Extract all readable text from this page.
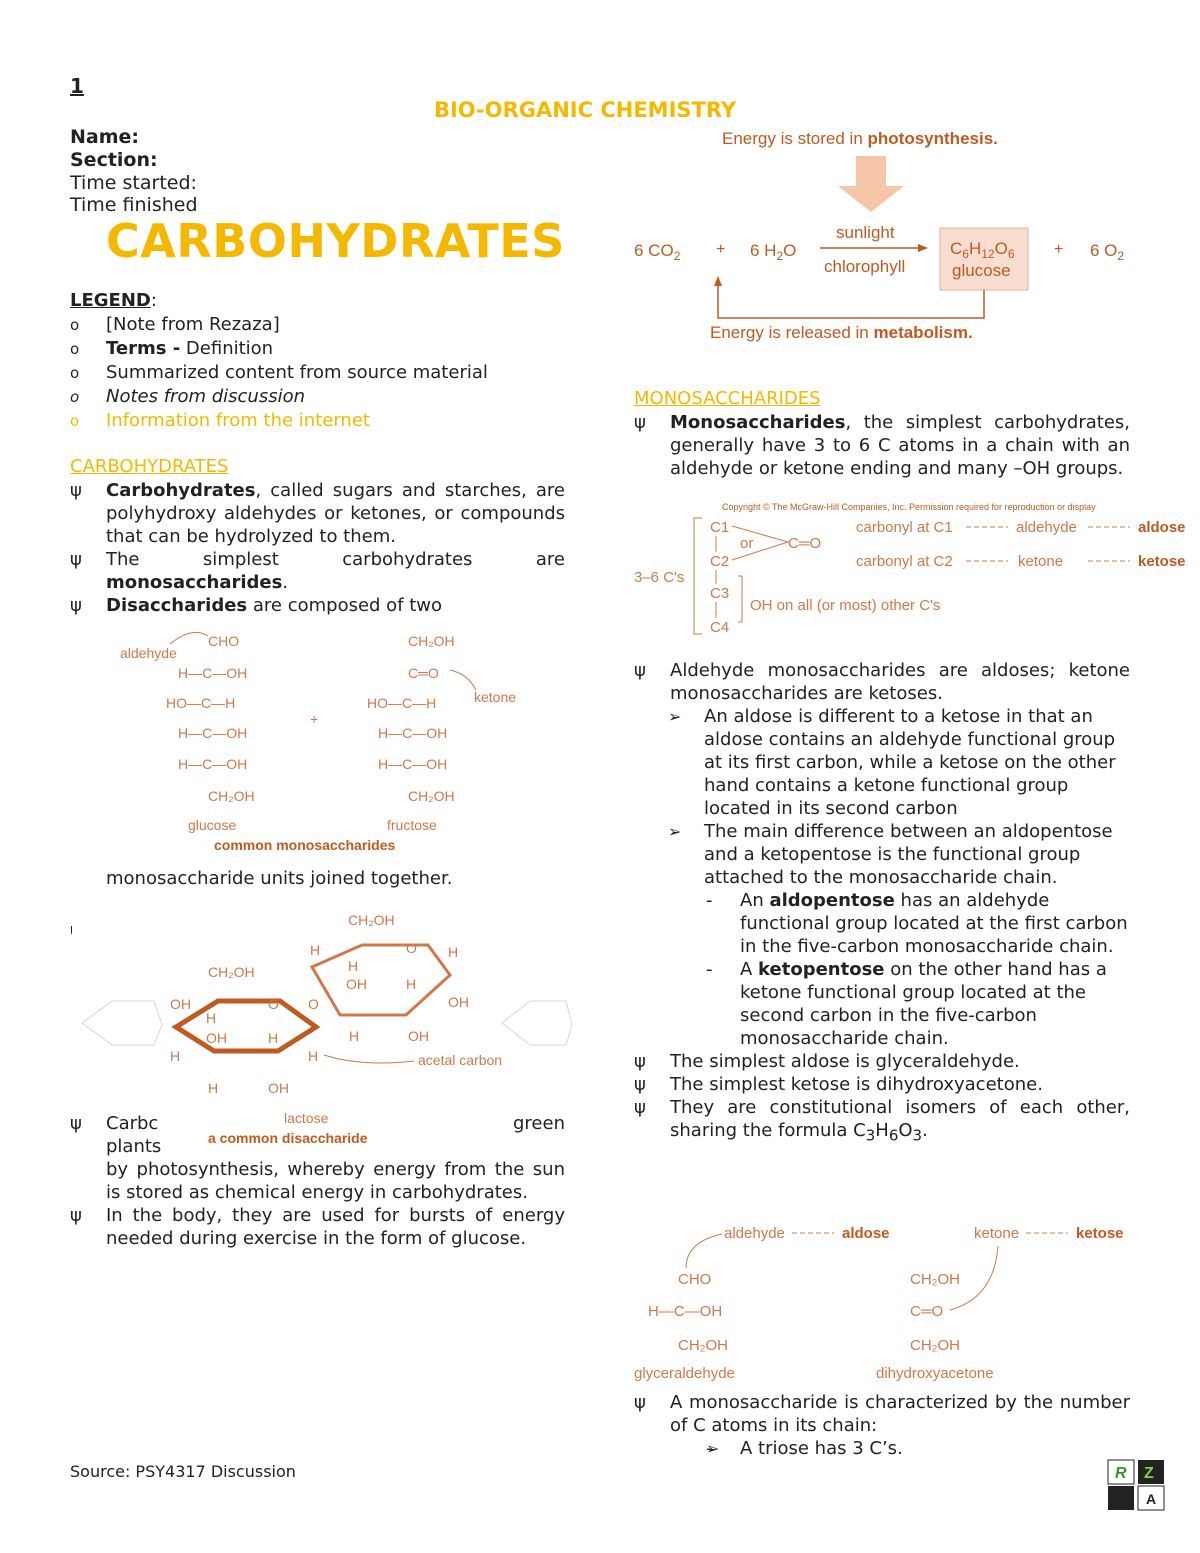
1
BIO-ORGANIC CHEMISTRY
Name:
Section:
Time started:
Time finished
CARBOHYDRATES
LEGEND:
o [Note from Rezaza]
o Terms - Definition
o Summarized content from source material
o Notes from discussion
o Information from the internet
CARBOHYDRATES
ψ Carbohydrates, called sugars and starches, are polyhydroxy aldehydes or ketones, or compounds that can be hydrolyzed to them.
ψ The simplest carbohydrates are monosaccharides.
ψ Disaccharides are composed of two
aldehyde
CHO
H—C—OH
HO—C—H
H—C—OH
H—C—OH
CH₂OH
glucose
+
CH₂OH
C═O
HO—C—H
H—C—OH
H—C—OH
CH₂OH
ketone
fructose
common monosaccharides
monosaccharide units joined together.
ψ
CH₂OH
H	O H
H
OH	H
OH
H	OH
CH₂OH
OH	O O
H
OH	H
H	H
H	OH
acetal carbon
lactose
a common disaccharide
ψ Carbc	green
plants
by photosynthesis, whereby energy from the sun is stored as chemical energy in carbohydrates.
ψ In the body, they are used for bursts of energy needed during exercise in the form of glucose.
Energy is stored in photosynthesis.
6 $CO_2 + 6$ $H_2O$
sunlight
chlorophyll
$C_6H_{12}O_6$
glucose
+ 6 $O_2$
Energy is released in metabolism.
MONOSACCHARIDES
ψ Monosaccharides, the simplest carbohydrates, generally have 3 to 6 C atoms in a chain with an aldehyde or ketone ending and many –OH groups.
Copyright © The McGraw-Hill Companies, Inc. Permission required for reproduction or display
C1
C2
C3
C4
3–6 C's
or C═O
OH on all (or most) other C's
carbonyl at C1	aldehyde	aldose
carbonyl at C2	ketone	ketose
ψ Aldehyde monosaccharides are aldoses; ketone monosaccharides are ketoses.
➢ An aldose is different to a ketose in that an aldose contains an aldehyde functional group at its first carbon, while a ketose on the other hand contains a ketone functional group located in its second carbon
➢ The main difference between an aldopentose and a ketopentose is the functional group attached to the monosaccharide chain.
- An aldopentose has an aldehyde functional group located at the first carbon in the five-carbon monosaccharide chain.
- A ketopentose on the other hand has a ketone functional group located at the second carbon in the five-carbon monosaccharide chain.
ψ The simplest aldose is glyceraldehyde.
ψ The simplest ketose is dihydroxyacetone.
ψ They are constitutional isomers of each other, sharing the formula $C_3H_6O_3$.
aldehyde	aldose
CHO
H—C—OH
CH₂OH
glyceraldehyde
ketone	ketose
CH₂OH
C═O
CH₂OH
dihydroxyacetone
ψ A monosaccharide is characterized by the number of C atoms in its chain:
- ➢ A triose has 3 C’s.
Source: PSY4317 Discussion	R Z
A
